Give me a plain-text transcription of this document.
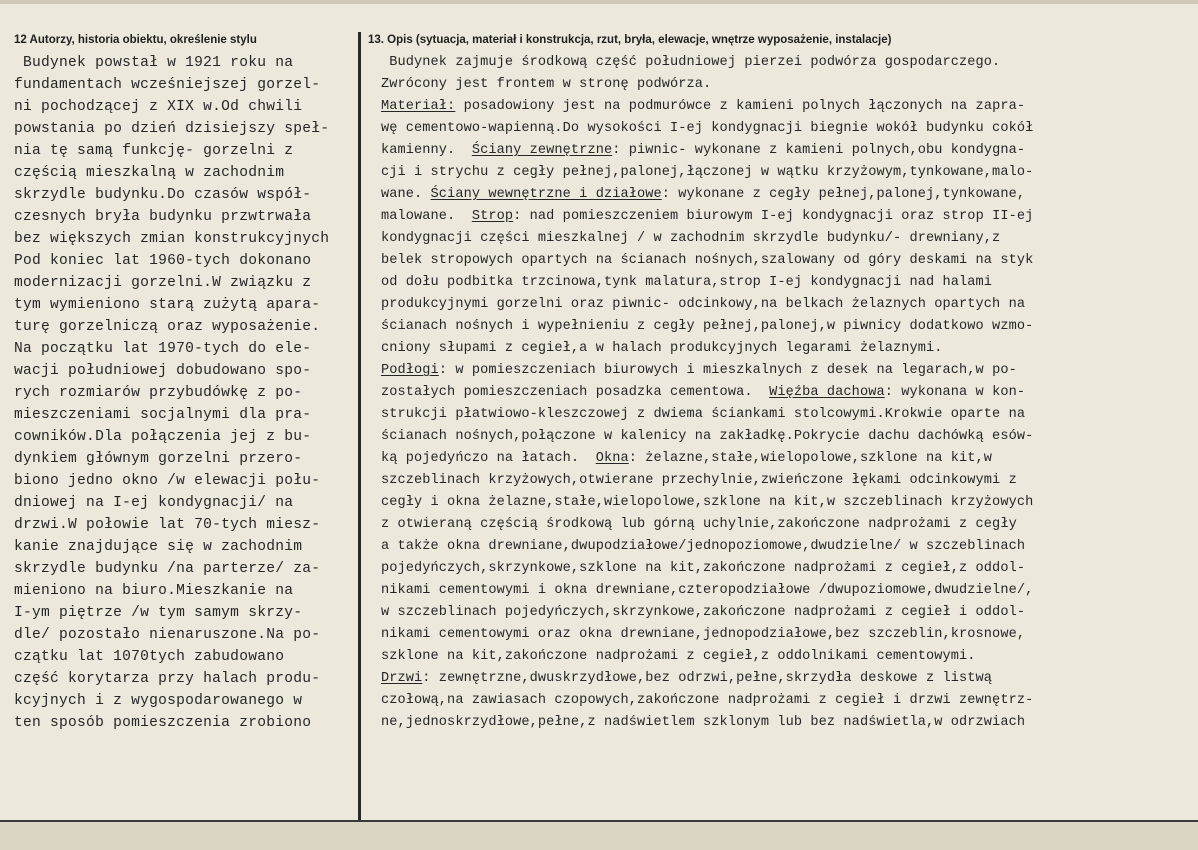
12 Autorzy, historia obiektu, określenie stylu	13. Opis (sytuacja, materiał i konstrukcja, rzut, bryła, elewacje, wnętrze wyposażenie, instalacje)
Budynek powstał w 1921 roku na
fundamentach wcześniejszej gorzel-
ni pochodzącej z XIX w.Od chwili
powstania po dzień dzisiejszy speł-
nia tę samą funkcję- gorzelni z
częścią mieszkalną w zachodnim
skrzydle budynku.Do czasów współ-
czesnych bryła budynku przwtrwała
bez większych zmian konstrukcyjnych
Pod koniec lat 1960-tych dokonano
modernizacji gorzelni.W związku z
tym wymieniono starą zużytą apara-
turę gorzelniczą oraz wyposażenie.
Na początku lat 1970-tych do ele-
wacji południowej dobudowano spo-
rych rozmiarów przybudówkę z po-
mieszczeniami socjalnymi dla pra-
cowników.Dla połączenia jej z bu-
dynkiem głównym gorzelni przero-
biono jedno okno /w elewacji połu-
dniowej na I-ej kondygnacji/ na
drzwi.W połowie lat 70-tych miesz-
kanie znajdujące się w zachodnim
skrzydle budynku /na parterze/ za-
mieniono na biuro.Mieszkanie na
I-ym piętrze /w tym samym skrzy-
dle/ pozostało nienaruszone.Na po-
czątku lat 1070tych zabudowano
część korytarza przy halach produ-
kcyjnych i z wygospodarowanego w
ten sposób pomieszczenia zrobiono
Budynek zajmuje środkową część południowej pierzei podwórza gospodarczego.
Zwrócony jest frontem w stronę podwórza.
Materiał: posadowiony jest na podmurówce z kamieni polnych łączonych na zapra-
wę cementowo-wapienną.Do wysokości I-ej kondygnacji biegnie wokół budynku cokół
kamienny.  Ściany zewnętrzne: piwnic- wykonane z kamieni polnych,obu kondygna-
cji i strychu z cegły pełnej,palonej,łączonej w wątku krzyżowym,tynkowane,malo-
wane. Ściany wewnętrzne i działowe: wykonane z cegły pełnej,palonej,tynkowane,
malowane.  Strop: nad pomieszczeniem biurowym I-ej kondygnacji oraz strop II-ej
kondygnacji części mieszkalnej / w zachodnim skrzydle budynku/- drewniany,z
belek stropowych opartych na ścianach nośnych,szalowany od góry deskami na styk
od dołu podbitka trzcinowa,tynk malatura,strop I-ej kondygnacji nad halami
produkcyjnymi gorzelni oraz piwnic- odcinkowy,na belkach żelaznych opartych na
ścianach nośnych i wypełnieniu z cegły pełnej,palonej,w piwnicy dodatkowo wzmo-
cniony słupami z cegieł,a w halach produkcyjnych legarami żelaznymi.
Podłogi: w pomieszczeniach biurowych i mieszkalnych z desek na legarach,w po-
zostałych pomieszczeniach posadzka cementowa.  Więźba dachowa: wykonana w kon-
strukcji płatwiowo-kleszczowej z dwiema ściankami stolcowymi.Krokwie oparte na
ścianach nośnych,połączone w kalenicy na zakładkę.Pokrycie dachu dachówką esów-
ką pojedyńczo na łatach.  Okna: żelazne,stałe,wielopolowe,szklone na kit,w
szczeblinach krzyżowych,otwierane przechylnie,zwieńczone łękami odcinkowymi z
cegły i okna żelazne,stałe,wielopolowe,szklone na kit,w szczeblinach krzyżowych
z otwieraną częścią środkową lub górną uchylnie,zakończone nadprożami z cegły
a także okna drewniane,dwupodziałowe/jednopoziomowe,dwudzielne/ w szczeblinach
pojedyńczych,skrzynkowe,szklone na kit,zakończone nadprożami z cegieł,z oddol-
nikami cementowymi i okna drewniane,czteropodziałowe /dwupoziomowe,dwudzielne/,
w szczeblinach pojedyńczych,skrzynkowe,zakończone nadprożami z cegieł i oddol-
nikami cementowymi oraz okna drewniane,jednopodziałowe,bez szczeblin,krosnowe,
szklone na kit,zakończone nadprożami z cegieł,z oddolnikami cementowymi.
Drzwi: zewnętrzne,dwuskrzydłowe,bez odrzwi,pełne,skrzydła deskowe z listwą
czołową,na zawiasach czopowych,zakończone nadprożami z cegieł i drzwi zewnętrz-
ne,jednoskrzydłowe,pełne,z nadświetlem szklonym lub bez nadświetla,w odrzwiach
